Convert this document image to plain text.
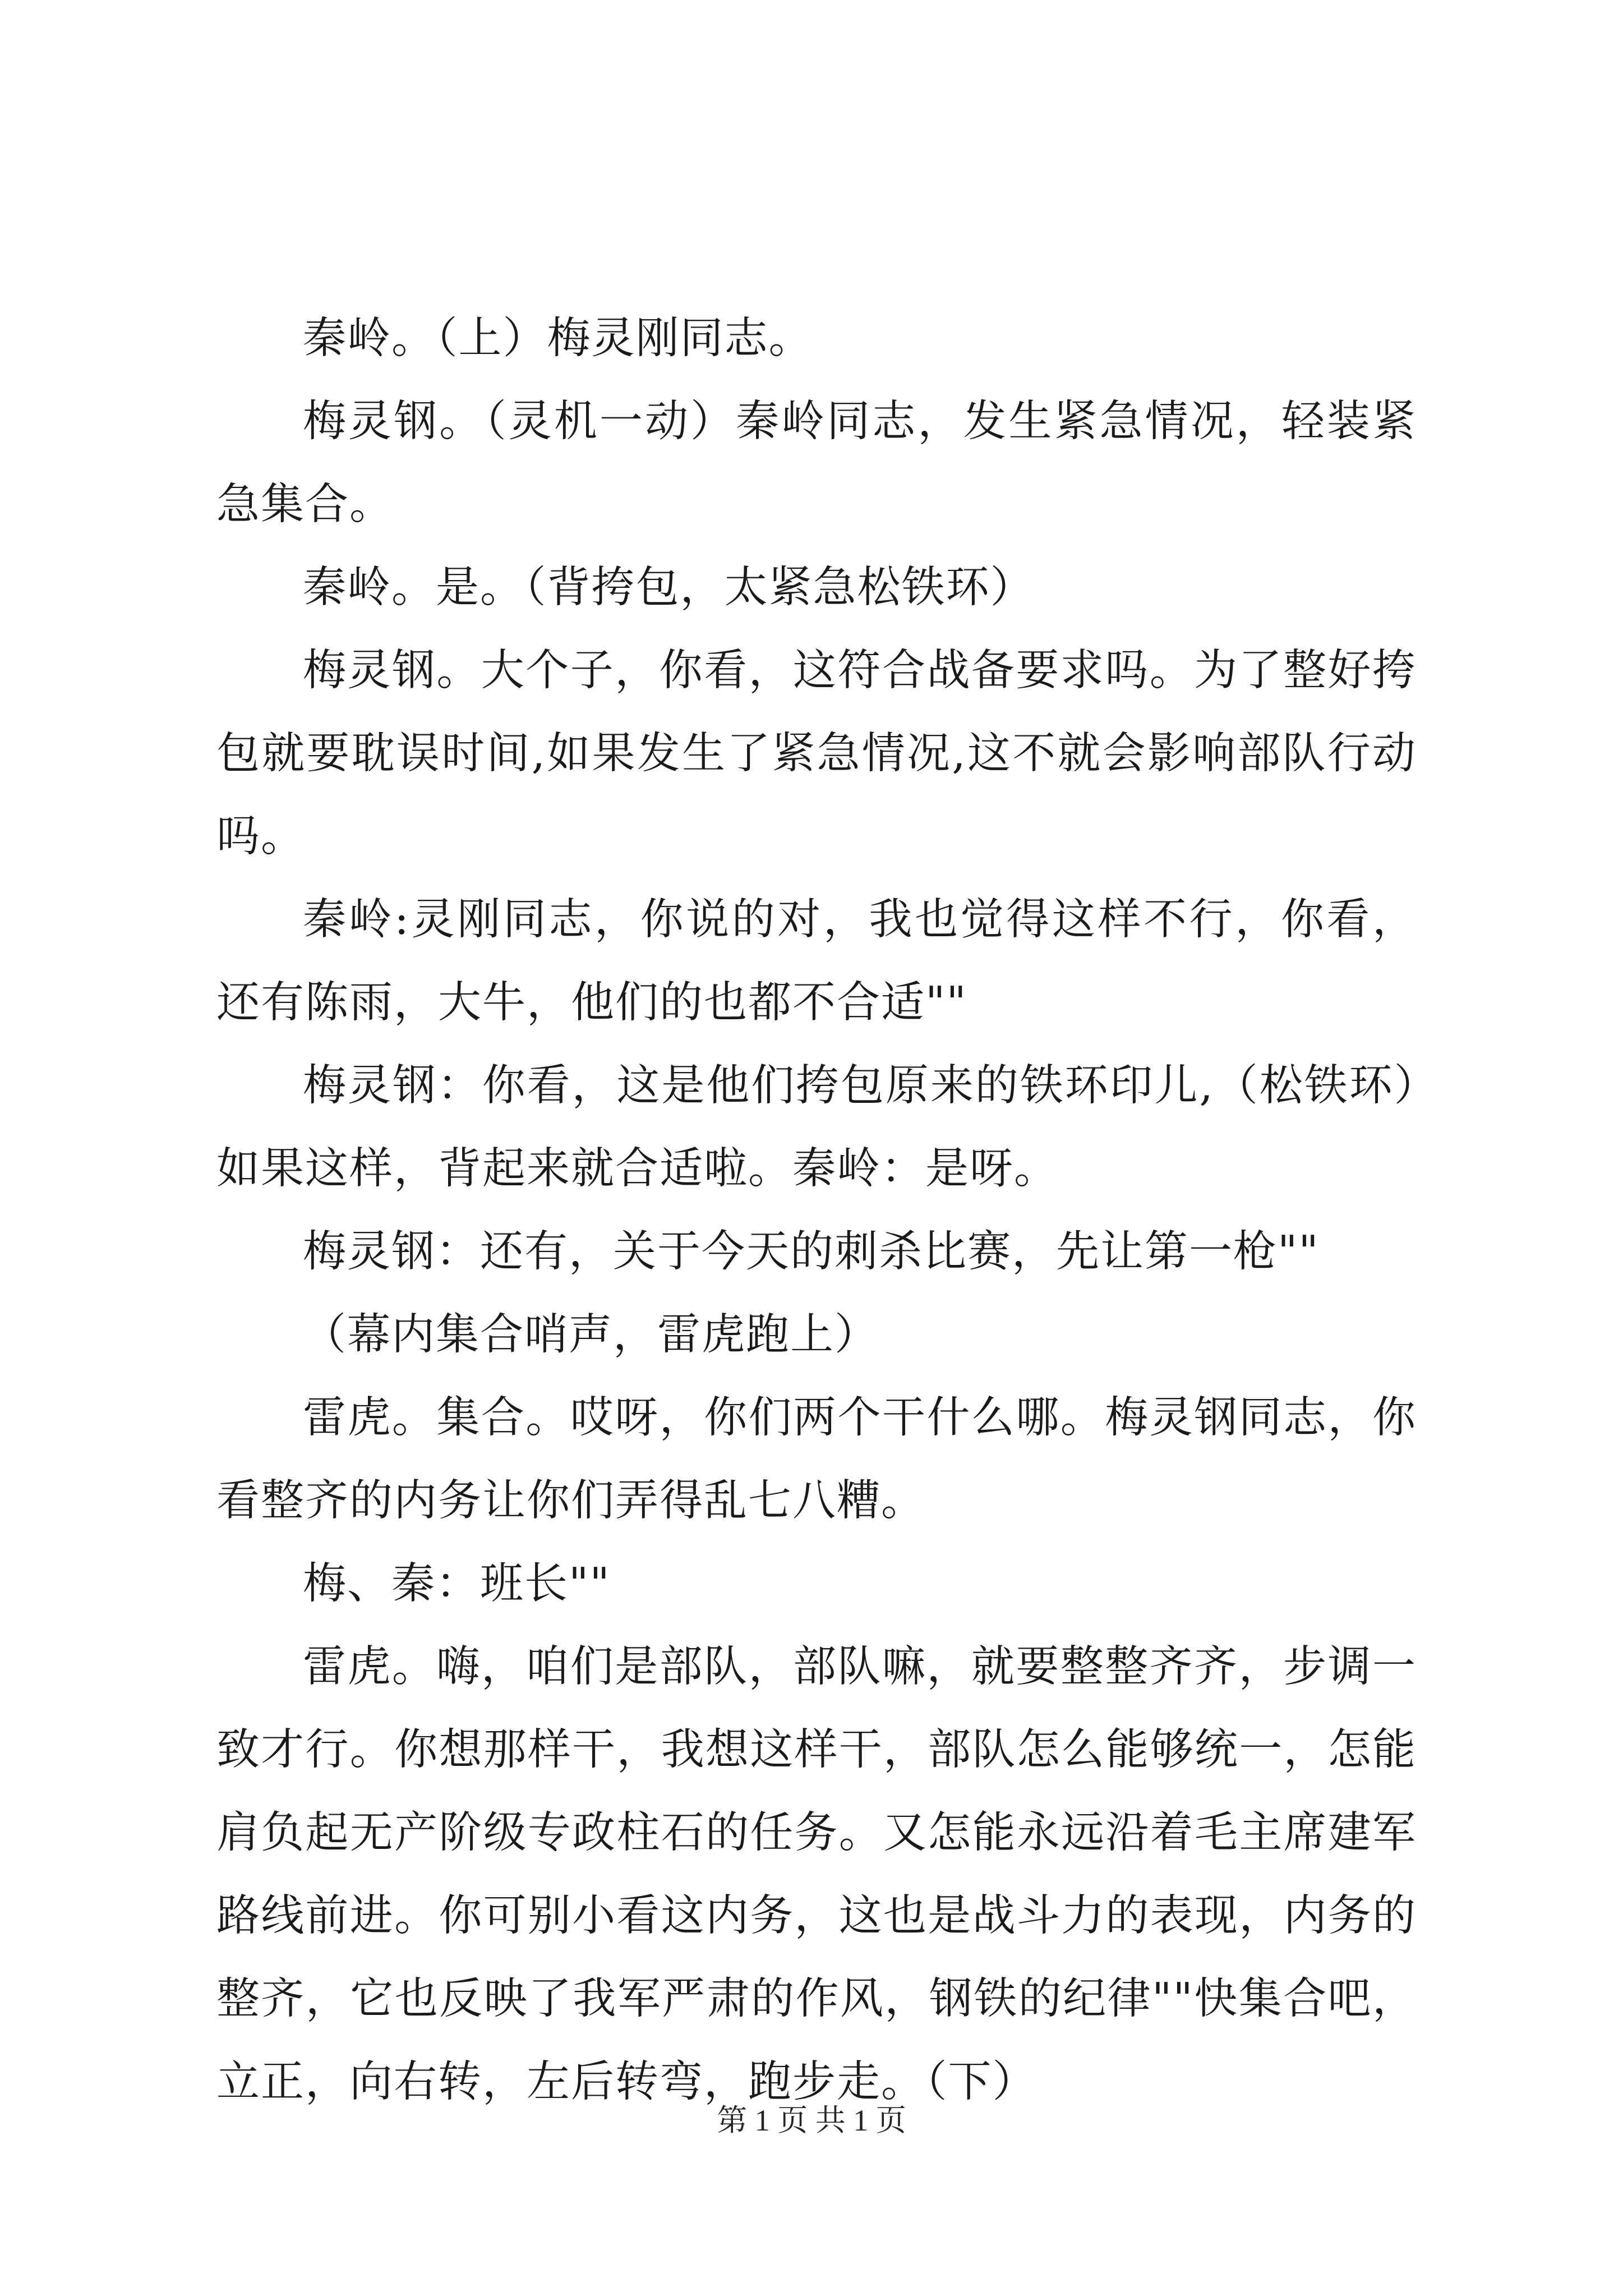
秦岭。（上）梅灵刚同志。

梅灵钢。（灵机一动）秦岭同志，发生紧急情况，轻装紧急集合。

秦岭。是。（背挎包，太紧急松铁环）

梅灵钢。大个子，你看，这符合战备要求吗。为了整好挎包就要耽误时间,如果发生了紧急情况,这不就会影响部队行动吗。

秦岭:灵刚同志，你说的对，我也觉得这样不行，你看，还有陈雨，大牛，他们的也都不合适""

梅灵钢：你看，这是他们挎包原来的铁环印儿,（松铁环）如果这样，背起来就合适啦。秦岭：是呀。

梅灵钢：还有，关于今天的刺杀比赛，先让第一枪""

（幕内集合哨声，雷虎跑上）

雷虎。集合。哎呀，你们两个干什么哪。梅灵钢同志，你看整齐的内务让你们弄得乱七八糟。

梅、秦：班长""

雷虎。嗨，咱们是部队，部队嘛，就要整整齐齐，步调一致才行。你想那样干，我想这样干，部队怎么能够统一，怎能肩负起无产阶级专政柱石的任务。又怎能永远沿着毛主席建军路线前进。你可别小看这内务，这也是战斗力的表现，内务的整齐，它也反映了我军严肃的作风，钢铁的纪律""快集合吧，立正，向右转，左后转弯，跑步走。（下）

第 1 页 共 1 页
